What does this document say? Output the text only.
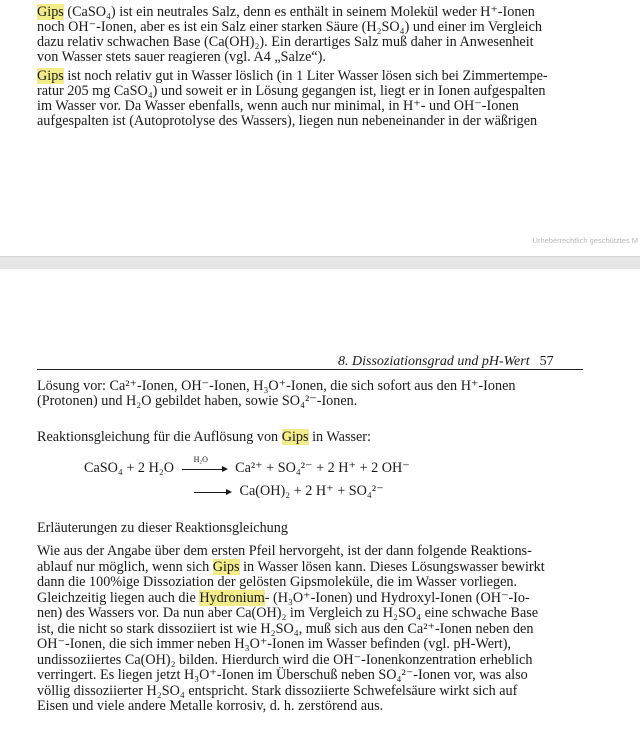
Gips (CaSO₄) ist ein neutrales Salz, denn es enthält in seinem Molekül weder H⁺-Ionen

noch OH⁻-Ionen, aber es ist ein Salz einer starken Säure (H₂SO₄) und einer im Vergleich

dazu relativ schwachen Base (Ca(OH)₂). Ein derartiges Salz muß daher in Anwesenheit

von Wasser stets sauer reagieren (vgl. A4 „Salze“).

Gips ist noch relativ gut in Wasser löslich (in 1 Liter Wasser lösen sich bei Zimmertempe-

ratur 205 mg CaSO₄) und soweit er in Lösung gegangen ist, liegt er in Ionen aufgespalten

im Wasser vor. Da Wasser ebenfalls, wenn auch nur minimal, in H⁺- und OH⁻-Ionen

aufgespalten ist (Autoprotolyse des Wassers), liegen nun nebeneinander in der wäßrigen

Urheberrechtlich geschütztes M
8. Dissoziationsgrad und pH-Wert 57

Lösung vor: Ca²⁺-Ionen, OH⁻-Ionen, H₃O⁺-Ionen, die sich sofort aus den H⁺-Ionen

(Protonen) und H₂O gebildet haben, sowie SO₄²⁻-Ionen.

Reaktionsgleichung für die Auflösung von Gips in Wasser:

CaSO₄ + 2 H₂O
H₂O
Ca²⁺ + SO₄²⁻ + 2 H⁺ + 2 OH⁻
Ca(OH)₂ + 2 H⁺ + SO₄²⁻

Erläuterungen zu dieser Reaktionsgleichung

Wie aus der Angabe über dem ersten Pfeil hervorgeht, ist der dann folgende Reaktions-

ablauf nur möglich, wenn sich Gips in Wasser lösen kann. Dieses Lösungswasser bewirkt

dann die 100%ige Dissoziation der gelösten Gipsmoleküle, die im Wasser vorliegen.

Gleichzeitig liegen auch die Hydronium- (H₃O⁺-Ionen) und Hydroxyl-Ionen (OH⁻-Io-

nen) des Wassers vor. Da nun aber Ca(OH)₂ im Vergleich zu H₂SO₄ eine schwache Base

ist, die nicht so stark dissoziiert ist wie H₂SO₄, muß sich aus den Ca²⁺-Ionen neben den

OH⁻-Ionen, die sich immer neben H₃O⁺-Ionen im Wasser befinden (vgl. pH-Wert),

undissoziiertes Ca(OH)₂ bilden. Hierdurch wird die OH⁻-Ionenkonzentration erheblich

verringert. Es liegen jetzt H₃O⁺-Ionen im Überschuß neben SO₄²⁻-Ionen vor, was also

völlig dissoziierter H₂SO₄ entspricht. Stark dissoziierte Schwefelsäure wirkt sich auf

Eisen und viele andere Metalle korrosiv, d. h. zerstörend aus.
